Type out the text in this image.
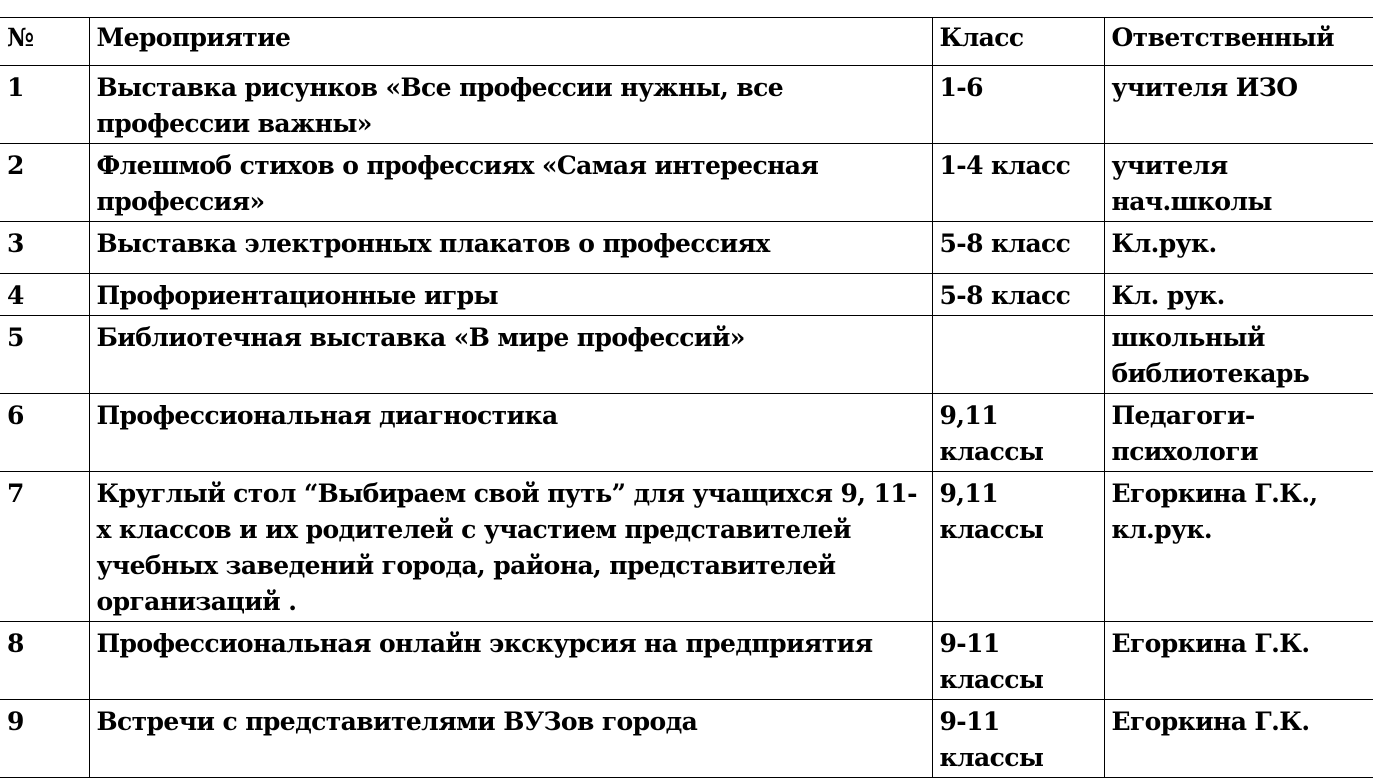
№	Мероприятие	Класс	Ответственный
1	Выставка рисунков «Все профессии нужны, все профессии важны»	1-6	учителя ИЗО
2	Флешмоб стихов о профессиях «Самая интересная профессия»	1-4 класс	учителя нач.школы
3	Выставка электронных плакатов о профессиях	5-8 класс	Кл.рук.
4	Профориентационные игры	5-8 класс	Кл. рук.
5	Библиотечная выставка «В мире профессий»		школьный библиотекарь
6	Профессиональная диагностика	9,11 классы	Педагоги-психологи
7	Круглый стол “Выбираем свой путь” для учащихся 9, 11- х классов и их родителей с участием представителей учебных заведений города, района, представителей организаций .	9,11 классы	Егоркина Г.К., кл.рук.
8	Профессиональная онлайн экскурсия на предприятия	9-11 классы	Егоркина Г.К.
9	Встречи с представителями ВУЗов города	9-11 классы	Егоркина Г.К.
